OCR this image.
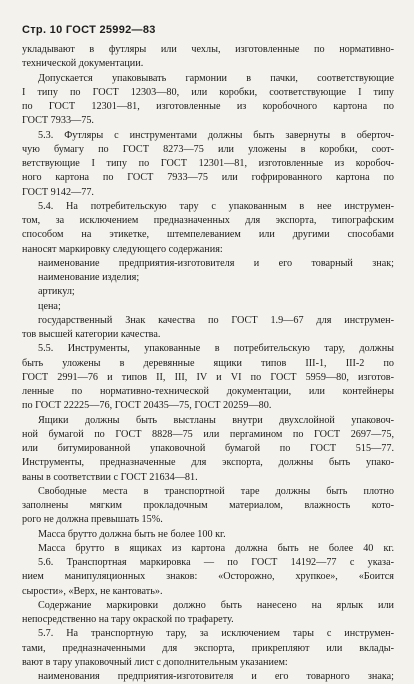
Стр. 10 ГОСТ 25992—83
укладывают в футляры или чехлы, изготовленные по нормативно-
технической документации.
Допускается упаковывать гармонии в пачки, соответствующие
I типу по ГОСТ 12303—80, или коробки, соответствующие I типу
по ГОСТ 12301—81, изготовленные из коробочного картона по
ГОСТ 7933—75.
5.3. Футляры с инструментами должны быть завернуты в оберточ-
чую бумагу по ГОСТ 8273—75 или уложены в коробки, соот-
ветствующие I типу по ГОСТ 12301—81, изготовленные из коробоч-
ного картона по ГОСТ 7933—75 или гофрированного картона по
ГОСТ 9142—77.
5.4. На потребительскую тару с упакованным в нее инструмен-
том, за исключением предназначенных для экспорта, типографским
способом на этикетке, штемпелеванием или другими способами
наносят маркировку следующего содержания:
наименование предприятия-изготовителя и его товарный знак;
наименование изделия;
артикул;
цена;
государственный Знак качества по ГОСТ 1.9—67 для инструмен-
тов высшей категории качества.
5.5. Инструменты, упакованные в потребительскую тару, должны
быть уложены в деревянные ящики типов III-1, III-2 по
ГОСТ 2991—76 и типов II, III, IV и VI по ГОСТ 5959—80, изготов-
ленные по нормативно-технической документации, или контейнеры
по ГОСТ 22225—76, ГОСТ 20435—75, ГОСТ 20259—80.
Ящики должны быть выстланы внутри двухслойной упаковоч-
ной бумагой по ГОСТ 8828—75 или пергамином по ГОСТ 2697—75,
или битумированной упаковочной бумагой по ГОСТ 515—77.
Инструменты, предназначенные для экспорта, должны быть упако-
ваны в соответствии с ГОСТ 21634—81.
Свободные места в транспортной таре должны быть плотно
заполнены мягким прокладочным материалом, влажность кото-
рого не должна превышать 15%.
Масса брутто должна быть не более 100 кг.
Масса брутто в ящиках из картона должна быть не более 40 кг.
5.6. Транспортная маркировка — по ГОСТ 14192—77 с указа-
нием манипуляционных знаков: «Осторожно, хрупкое», «Боится
сырости», «Верх, не кантовать».
Содержание маркировки должно быть нанесено на ярлык или
непосредственно на тару окраской по трафарету.
5.7. На транспортную тару, за исключением тары с инструмен-
тами, предназначенными для экспорта, прикрепляют или вклады-
вают в тару упаковочный лист с дополнительным указанием:
наименования предприятия-изготовителя и его товарного знака;
